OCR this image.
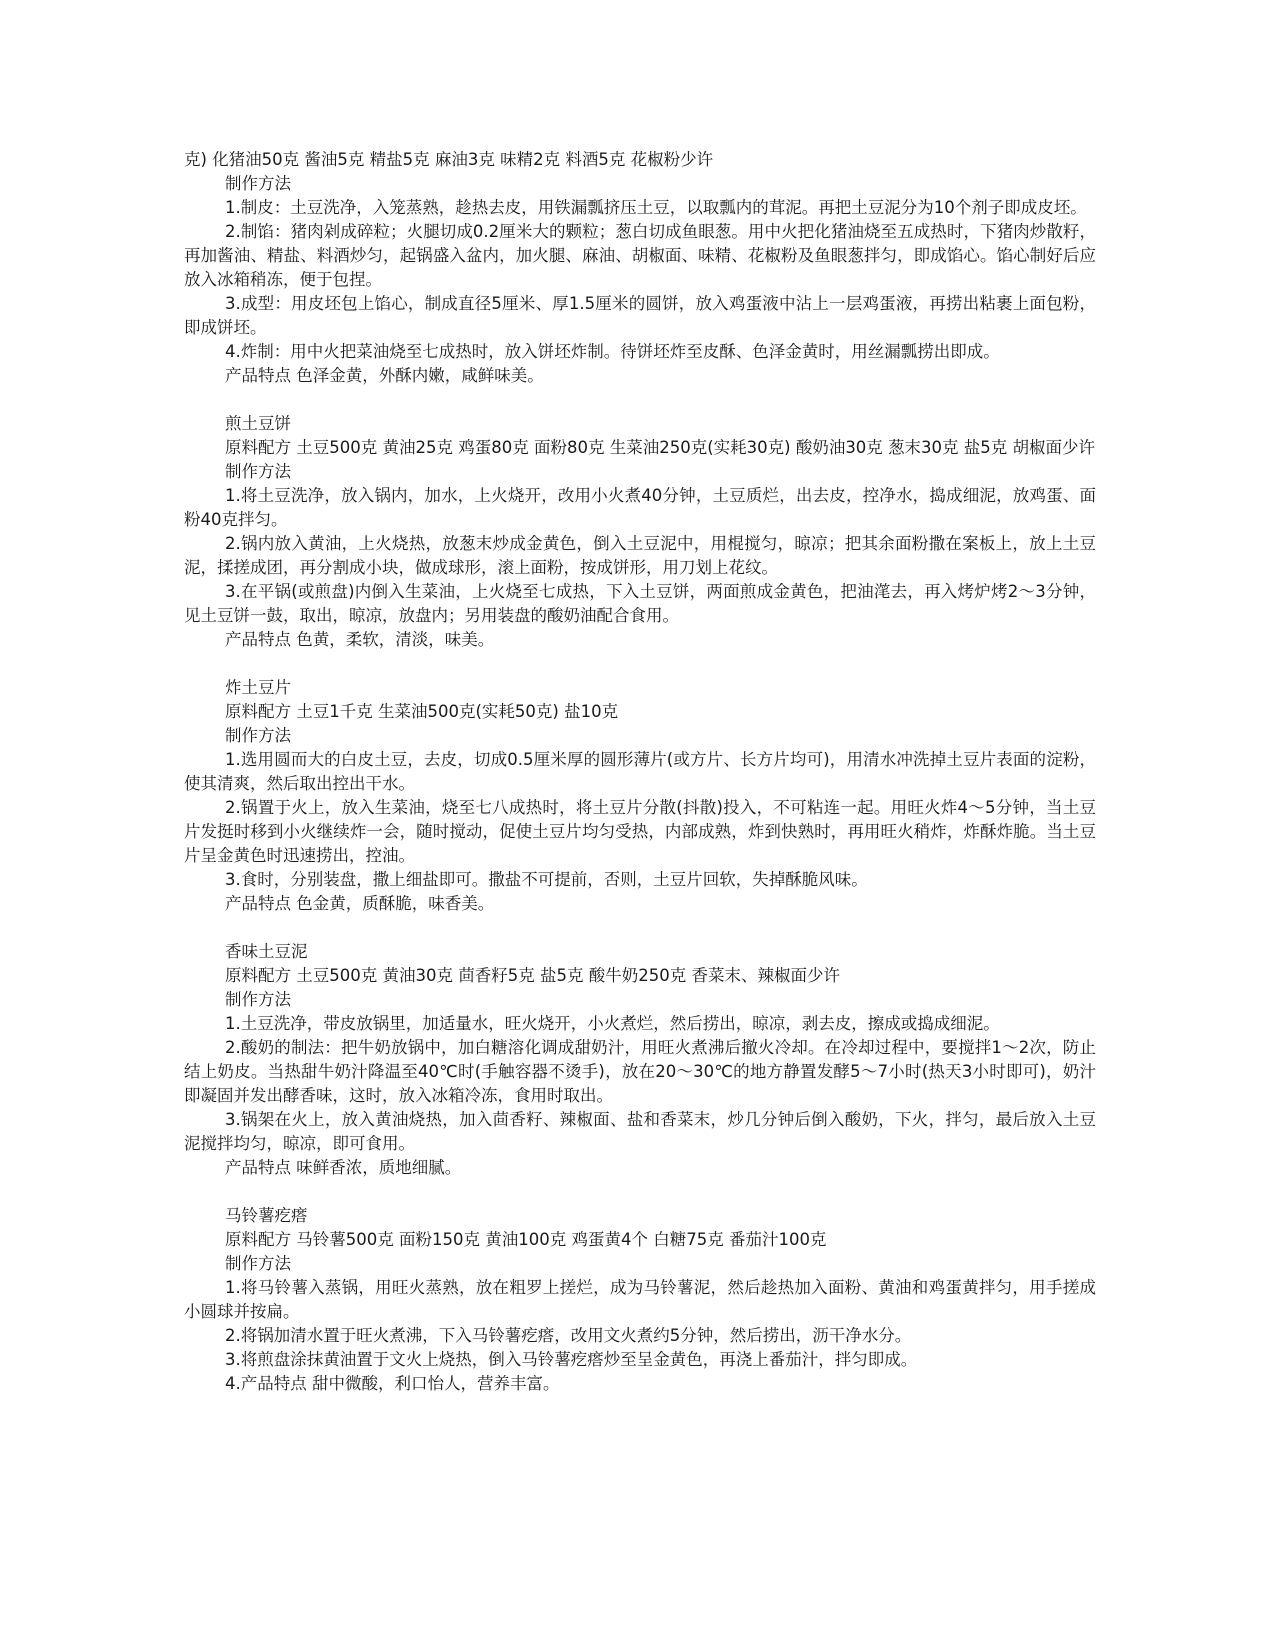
克) 化猪油50克 酱油5克 精盐5克 麻油3克 味精2克 料酒5克 花椒粉少许
制作方法
1.制皮：土豆洗净，入笼蒸熟，趁热去皮，用铁漏瓢挤压土豆，以取瓢内的茸泥。再把土豆泥分为10个剂子即成皮坯。
2.制馅：猪肉剁成碎粒；火腿切成0.2厘米大的颗粒；葱白切成鱼眼葱。用中火把化猪油烧至五成热时，下猪肉炒散籽，再加酱油、精盐、料酒炒匀，起锅盛入盆内，加火腿、麻油、胡椒面、味精、花椒粉及鱼眼葱拌匀，即成馅心。馅心制好后应放入冰箱稍冻，便于包捏。
3.成型：用皮坯包上馅心，制成直径5厘米、厚1.5厘米的圆饼，放入鸡蛋液中沾上一层鸡蛋液，再捞出粘裹上面包粉，即成饼坯。
4.炸制：用中火把菜油烧至七成热时，放入饼坯炸制。待饼坯炸至皮酥、色泽金黄时，用丝漏瓢捞出即成。
产品特点 色泽金黄，外酥内嫩，咸鲜味美。
煎土豆饼
原料配方 土豆500克 黄油25克 鸡蛋80克 面粉80克 生菜油250克(实耗30克) 酸奶油30克 葱末30克 盐5克 胡椒面少许
制作方法
1.将土豆洗净，放入锅内，加水，上火烧开，改用小火煮40分钟，土豆质烂，出去皮，控净水，捣成细泥，放鸡蛋、面粉40克拌匀。
2.锅内放入黄油，上火烧热，放葱末炒成金黄色，倒入土豆泥中，用棍搅匀，晾凉；把其余面粉撒在案板上，放上土豆泥，揉搓成团，再分割成小块，做成球形，滚上面粉，按成饼形，用刀划上花纹。
3.在平锅(或煎盘)内倒入生菜油，上火烧至七成热，下入土豆饼，两面煎成金黄色，把油滗去，再入烤炉烤2～3分钟，见土豆饼一鼓，取出，晾凉，放盘内；另用装盘的酸奶油配合食用。
产品特点 色黄，柔软，清淡，味美。
炸土豆片
原料配方 土豆1千克 生菜油500克(实耗50克) 盐10克
制作方法
1.选用圆而大的白皮土豆，去皮，切成0.5厘米厚的圆形薄片(或方片、长方片均可)，用清水冲洗掉土豆片表面的淀粉，使其清爽，然后取出控出干水。
2.锅置于火上，放入生菜油，烧至七八成热时，将土豆片分散(抖散)投入，不可粘连一起。用旺火炸4～5分钟，当土豆片发挺时移到小火继续炸一会，随时搅动，促使土豆片均匀受热，内部成熟，炸到快熟时，再用旺火稍炸，炸酥炸脆。当土豆片呈金黄色时迅速捞出，控油。
3.食时，分别装盘，撒上细盐即可。撒盐不可提前，否则，土豆片回软，失掉酥脆风味。
产品特点 色金黄，质酥脆，味香美。
香味土豆泥
原料配方 土豆500克 黄油30克 茴香籽5克 盐5克 酸牛奶250克 香菜末、辣椒面少许
制作方法
1.土豆洗净，带皮放锅里，加适量水，旺火烧开，小火煮烂，然后捞出，晾凉，剥去皮，擦成或捣成细泥。
2.酸奶的制法：把牛奶放锅中，加白糖溶化调成甜奶汁，用旺火煮沸后撤火冷却。在冷却过程中，要搅拌1～2次，防止结上奶皮。当热甜牛奶汁降温至40℃时(手触容器不烫手)，放在20～30℃的地方静置发酵5～7小时(热天3小时即可)，奶汁即凝固并发出酵香味，这时，放入冰箱冷冻，食用时取出。
3.锅架在火上，放入黄油烧热，加入茴香籽、辣椒面、盐和香菜末，炒几分钟后倒入酸奶，下火，拌匀，最后放入土豆泥搅拌均匀，晾凉，即可食用。
产品特点 味鲜香浓，质地细腻。
马铃薯疙瘩
原料配方 马铃薯500克 面粉150克 黄油100克 鸡蛋黄4个 白糖75克 番茄汁100克
制作方法
1.将马铃薯入蒸锅，用旺火蒸熟，放在粗罗上搓烂，成为马铃薯泥，然后趁热加入面粉、黄油和鸡蛋黄拌匀，用手搓成小圆球并按扁。
2.将锅加清水置于旺火煮沸，下入马铃薯疙瘩，改用文火煮约5分钟，然后捞出，沥干净水分。
3.将煎盘涂抹黄油置于文火上烧热，倒入马铃薯疙瘩炒至呈金黄色，再浇上番茄汁，拌匀即成。
4.产品特点 甜中微酸，利口怡人，营养丰富。
